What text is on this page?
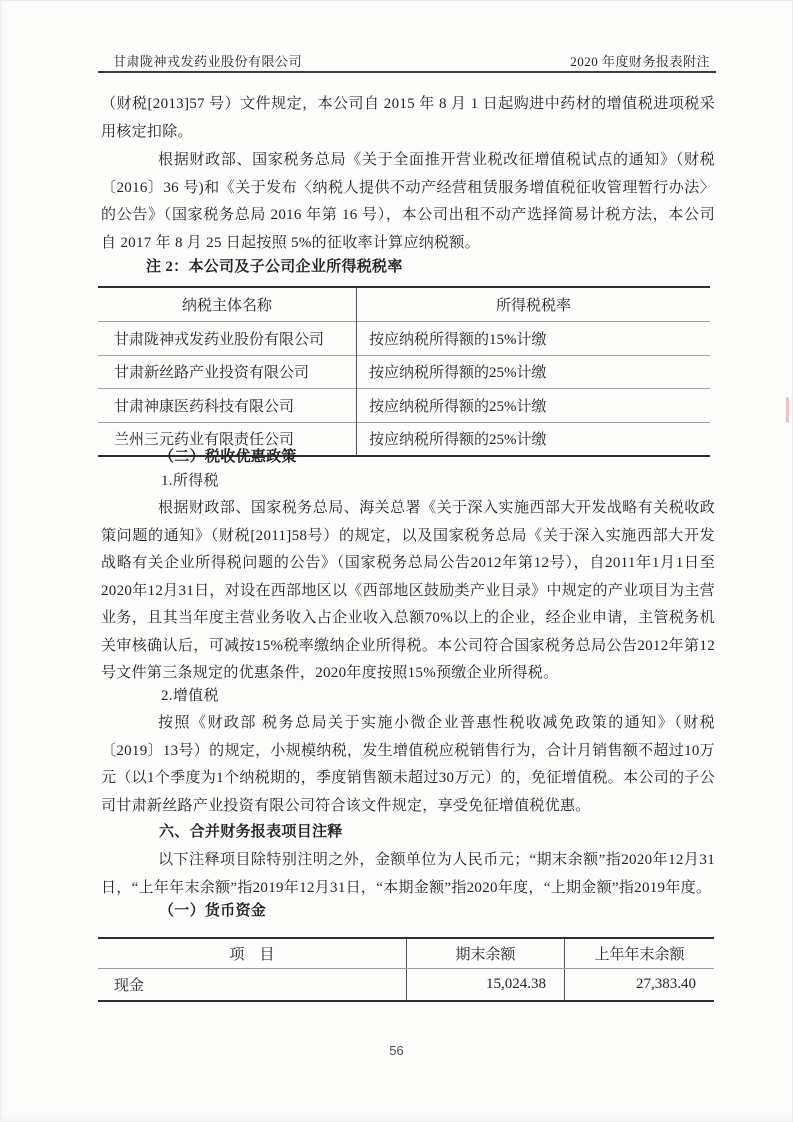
甘肃陇神戎发药业股份有限公司	2020 年度财务报表附注
（财税[2013]57 号）文件规定，本公司自 2015 年 8 月 1 日起购进中药材的增值税进项税采用核定扣除。
根据财政部、国家税务总局《关于全面推开营业税改征增值税试点的通知》（财税〔2016〕36 号)和《关于发布〈纳税人提供不动产经营租赁服务增值税征收管理暂行办法〉的公告》（国家税务总局 2016 年第 16 号），本公司出租不动产选择简易计税方法，本公司自 2017 年 8 月 25 日起按照 5%的征收率计算应纳税额。
注 2：本公司及子公司企业所得税税率
纳税主体名称	所得税税率
甘肃陇神戎发药业股份有限公司	按应纳税所得额的15%计缴
甘肃新丝路产业投资有限公司	按应纳税所得额的25%计缴
甘肃神康医药科技有限公司	按应纳税所得额的25%计缴
兰州三元药业有限责任公司	按应纳税所得额的25%计缴
（二）税收优惠政策
1.所得税
根据财政部、国家税务总局、海关总署《关于深入实施西部大开发战略有关税收政策问题的通知》（财税[2011]58号）的规定，以及国家税务总局《关于深入实施西部大开发战略有关企业所得税问题的公告》（国家税务总局公告2012年第12号），自2011年1月1日至2020年12月31日，对设在西部地区以《西部地区鼓励类产业目录》中规定的产业项目为主营业务，且其当年度主营业务收入占企业收入总额70%以上的企业，经企业申请，主管税务机关审核确认后，可减按15%税率缴纳企业所得税。本公司符合国家税务总局公告2012年第12号文件第三条规定的优惠条件，2020年度按照15%预缴企业所得税。
2.增值税
按照《财政部 税务总局关于实施小微企业普惠性税收减免政策的通知》（财税〔2019〕13号）的规定，小规模纳税，发生增值税应税销售行为，合计月销售额不超过10万元（以1个季度为1个纳税期的，季度销售额未超过30万元）的，免征增值税。本公司的子公司甘肃新丝路产业投资有限公司符合该文件规定，享受免征增值税优惠。
六、合并财务报表项目注释
以下注释项目除特别注明之外，金额单位为人民币元；“期末余额”指2020年12月31日，“上年年末余额”指2019年12月31日，“本期金额”指2020年度，“上期金额”指2019年度。
（一）货币资金
项　目	期末余额	上年年末余额
现金	15,024.38	27,383.40
56
